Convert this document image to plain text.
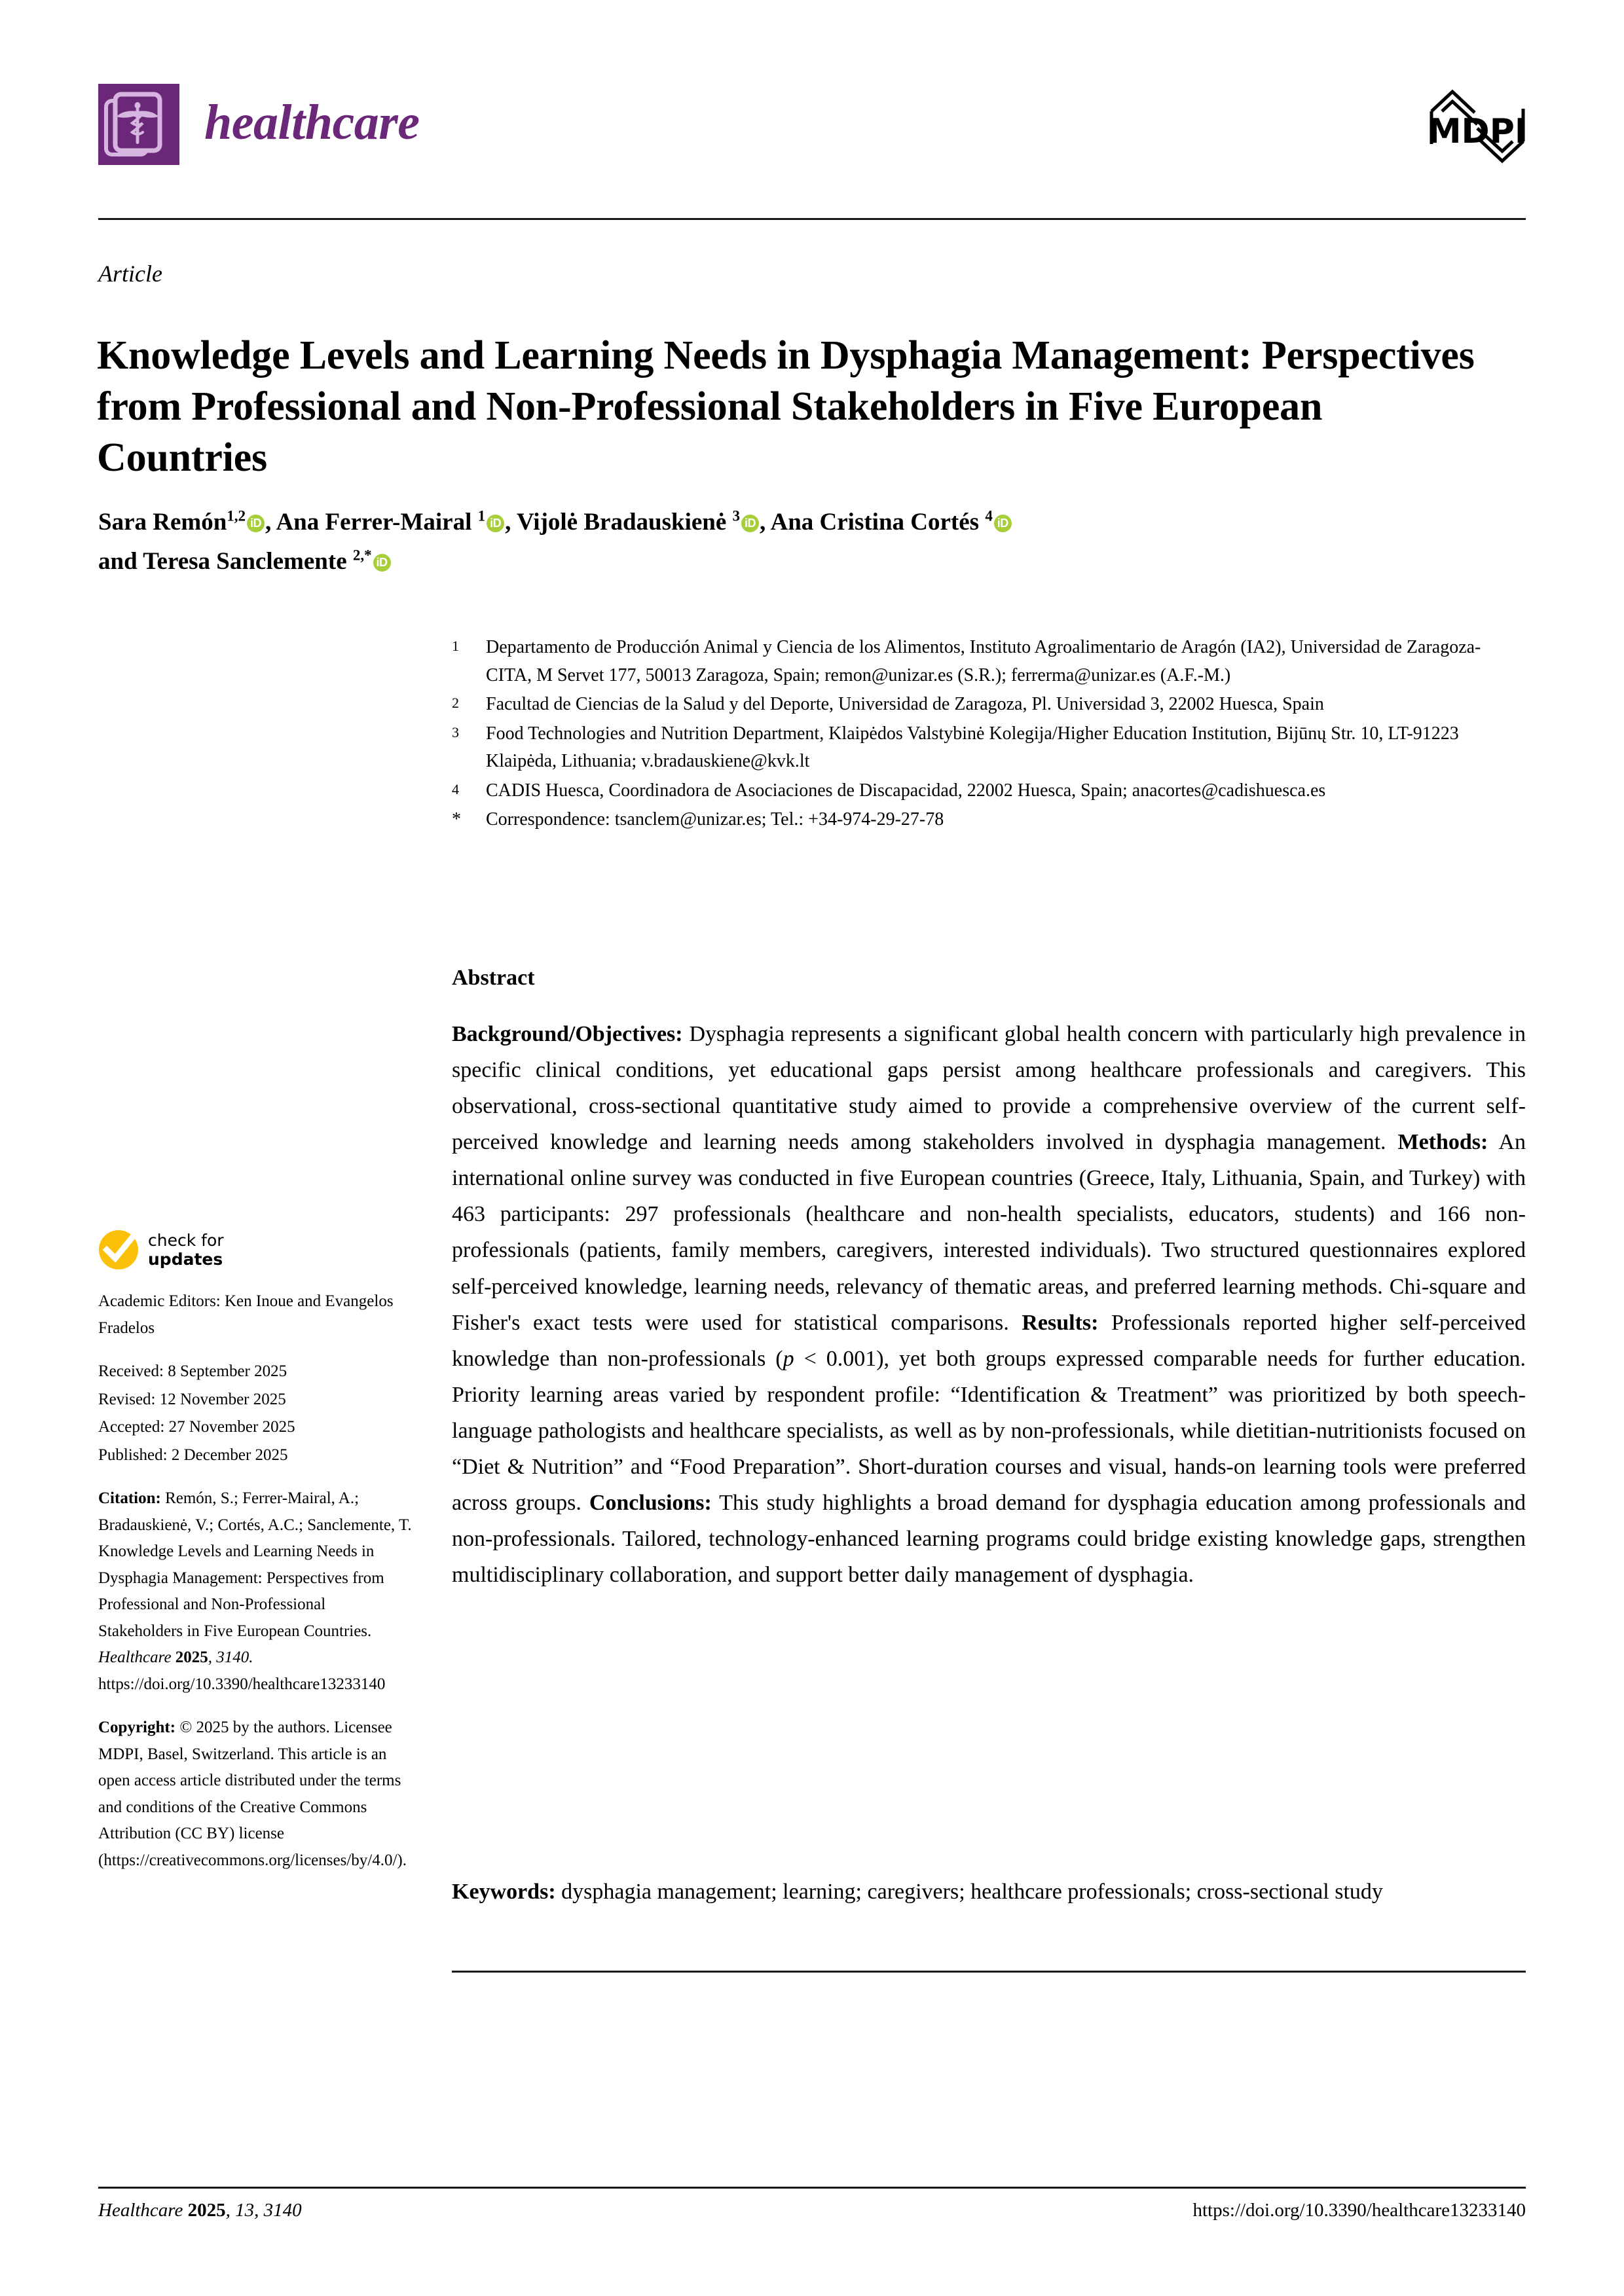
healthcare	MDPI
Article
Knowledge Levels and Learning Needs in Dysphagia Management: Perspectives from Professional and Non-Professional Stakeholders in Five European Countries
Sara Remón$^{1,2}$ iD , Ana Ferrer-Mairal $^1$ iD , Vijolė Bradauskienė $^3$ iD , Ana Cristina Cortés $^4$ iD
and Teresa Sanclemente $^{2,*}$ iD
1	Departamento de Producción Animal y Ciencia de los Alimentos, Instituto Agroalimentario de Aragón (IA2), Universidad de Zaragoza-CITA, M Servet 177, 50013 Zaragoza, Spain; remon@unizar.es (S.R.); ferrerma@unizar.es (A.F.-M.)
2	Facultad de Ciencias de la Salud y del Deporte, Universidad de Zaragoza, Pl. Universidad 3, 22002 Huesca, Spain
3	Food Technologies and Nutrition Department, Klaipėdos Valstybinė Kolegija/Higher Education Institution, Bijūnų Str. 10, LT-91223 Klaipėda, Lithuania; v.bradauskiene@kvk.lt
4	CADIS Huesca, Coordinadora de Asociaciones de Discapacidad, 22002 Huesca, Spain; anacortes@cadishuesca.es
*	Correspondence: tsanclem@unizar.es; Tel.: +34-974-29-27-78
Abstract
Background/Objectives: Dysphagia represents a significant global health concern with particularly high prevalence in specific clinical conditions, yet educational gaps persist among healthcare professionals and caregivers. This observational, cross-sectional quantitative study aimed to provide a comprehensive overview of the current self-perceived knowledge and learning needs among stakeholders involved in dysphagia management. Methods: An international online survey was conducted in five European countries (Greece, Italy, Lithuania, Spain, and Turkey) with 463 participants: 297 professionals (healthcare and non-health specialists, educators, students) and 166 non-professionals (patients, family members, caregivers, interested individuals). Two structured questionnaires explored self-perceived knowledge, learning needs, relevancy of thematic areas, and preferred learning methods. Chi-square and Fisher's exact tests were used for statistical comparisons. Results: Professionals reported higher self-perceived knowledge than non-professionals (p < 0.001), yet both groups expressed comparable needs for further education. Priority learning areas varied by respondent profile: “Identification & Treatment” was prioritized by both speech-language pathologists and healthcare specialists, as well as by non-professionals, while dietitian-nutritionists focused on “Diet & Nutrition” and “Food Preparation”. Short-duration courses and visual, hands-on learning tools were preferred across groups. Conclusions: This study highlights a broad demand for dysphagia education among professionals and non-professionals. Tailored, technology-enhanced learning programs could bridge existing knowledge gaps, strengthen multidisciplinary collaboration, and support better daily management of dysphagia.
Keywords: dysphagia management; learning; caregivers; healthcare professionals; cross-sectional study
check for
updates
Academic Editors: Ken Inoue and Evangelos Fradelos
Received: 8 September 2025
Revised: 12 November 2025
Accepted: 27 November 2025
Published: 2 December 2025
Citation: Remón, S.; Ferrer-Mairal, A.; Bradauskienė, V.; Cortés, A.C.; Sanclemente, T. Knowledge Levels and Learning Needs in Dysphagia Management: Perspectives from Professional and Non-Professional Stakeholders in Five European Countries. Healthcare 2025, 3140. https://doi.org/10.3390/healthcare13233140
Copyright: © 2025 by the authors. Licensee MDPI, Basel, Switzerland. This article is an open access article distributed under the terms and conditions of the Creative Commons Attribution (CC BY) license (https://creativecommons.org/licenses/by/4.0/).
Healthcare 2025, 13, 3140	https://doi.org/10.3390/healthcare13233140
